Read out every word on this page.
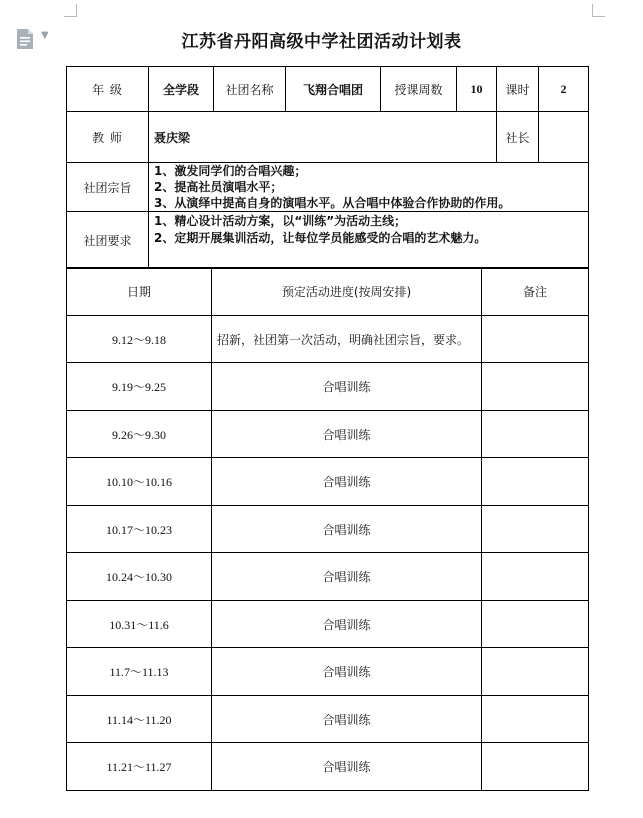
▼	江苏省丹阳高级中学社团活动计划表
年 级	全学段	社团名称	飞翔合唱团	授课周数	10	课时	2
教 师	聂庆梁					社长	
社团宗旨	1、激发同学们的合唱兴趣；
2、提高社员演唱水平；
3、从演绎中提高自身的演唱水平。从合唱中体验合作协助的作用。						

社团要求	1、精心设计活动方案，以“训练”为活动主线；
2、定期开展集训活动，让每位学员能感受的合唱的艺术魅力。						
日期	预定活动进度(按周安排)	备注
9.12～9.18	招新，社团第一次活动，明确社团宗旨，要求。	
9.19～9.25	合唱训练	
9.26～9.30	合唱训练	
10.10～10.16	合唱训练	
10.17～10.23	合唱训练	
10.24～10.30	合唱训练	
10.31～11.6	合唱训练	
11.7～11.13	合唱训练	
11.14～11.20	合唱训练	
11.21～11.27	合唱训练	
